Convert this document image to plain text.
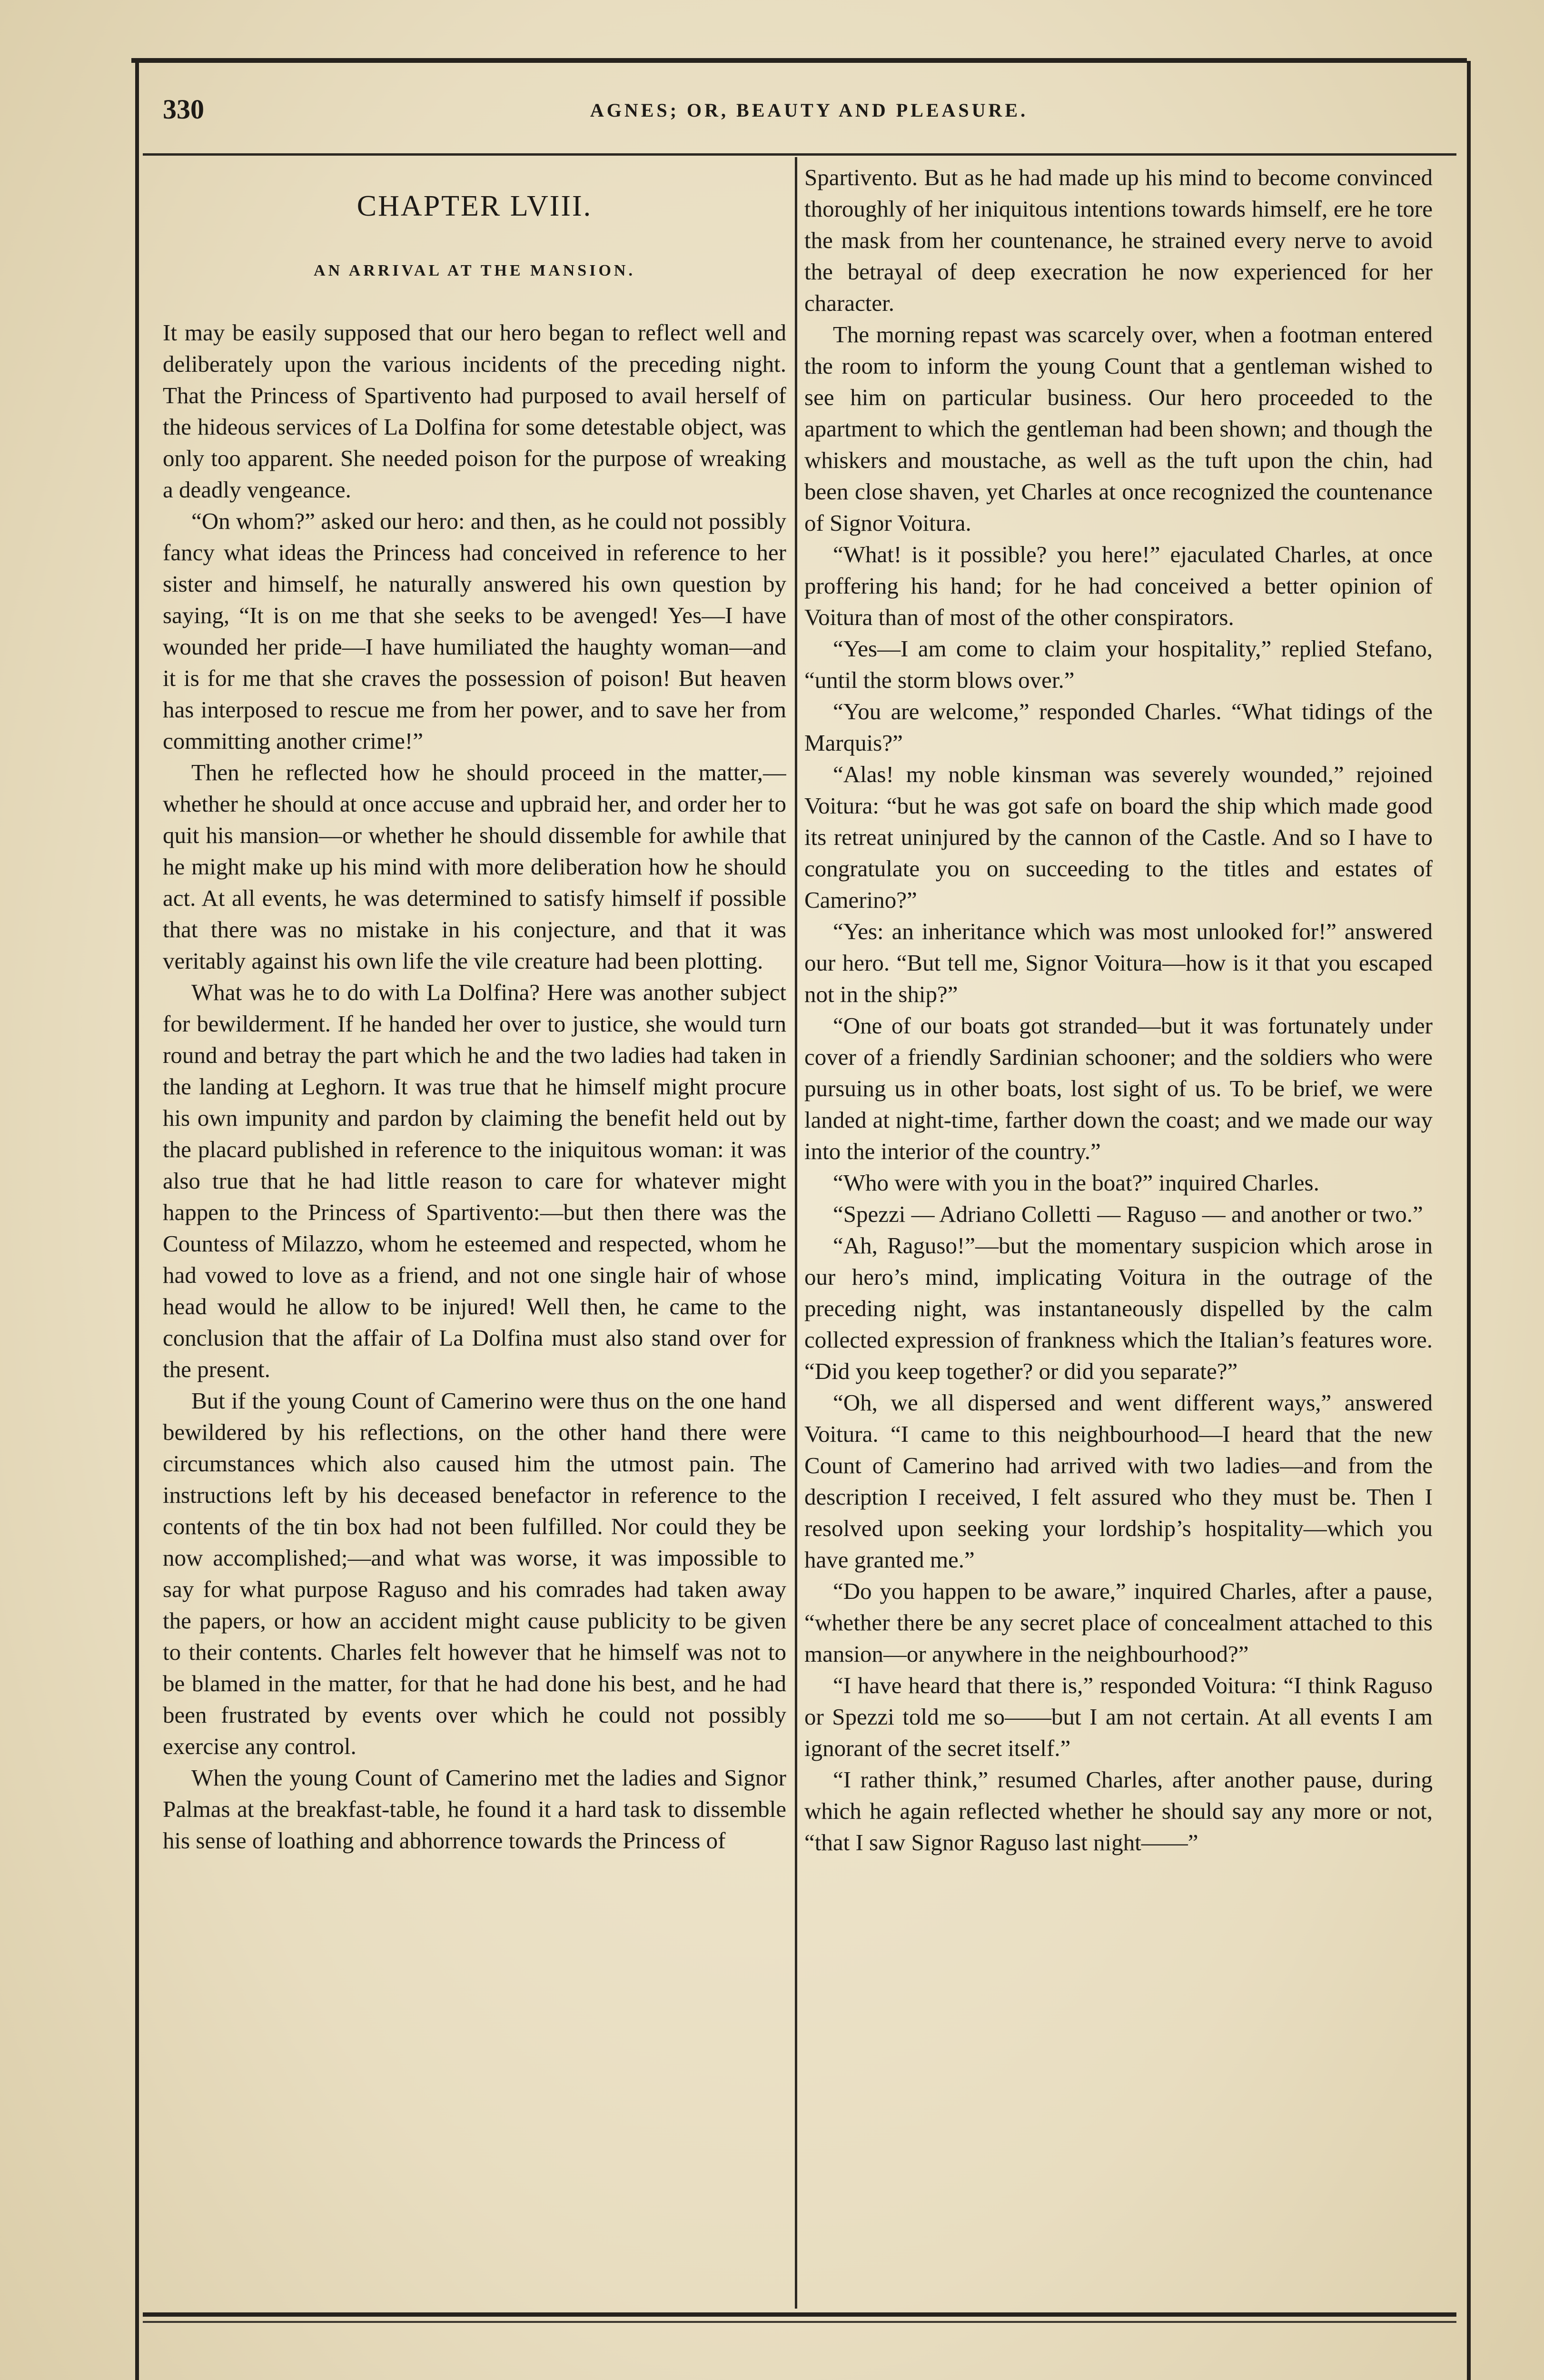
330	AGNES; OR, BEAUTY AND PLEASURE.
CHAPTER LVIII.
AN ARRIVAL AT THE MANSION.

It may be easily supposed that our hero began to reflect well and deliberately upon the various incidents of the preceding night. That the Princess of Spartivento had purposed to avail herself of the hideous services of La Dolfina for some detestable object, was only too apparent. She needed poison for the purpose of wreaking a deadly vengeance.

“On whom?” asked our hero: and then, as he could not possibly fancy what ideas the Princess had conceived in reference to her sister and himself, he naturally answered his own question by saying, “It is on me that she seeks to be avenged! Yes—I have wounded her pride—I have humiliated the haughty woman—and it is for me that she craves the possession of poison! But heaven has interposed to rescue me from her power, and to save her from committing another crime!”

Then he reflected how he should proceed in the matter,—whether he should at once accuse and upbraid her, and order her to quit his mansion—or whether he should dissemble for awhile that he might make up his mind with more deliberation how he should act. At all events, he was determined to satisfy himself if possible that there was no mistake in his conjecture, and that it was veritably against his own life the vile creature had been plotting.

What was he to do with La Dolfina? Here was another subject for bewilderment. If he handed her over to justice, she would turn round and betray the part which he and the two ladies had taken in the landing at Leghorn. It was true that he himself might procure his own impunity and pardon by claiming the benefit held out by the placard published in reference to the iniquitous woman: it was also true that he had little reason to care for whatever might happen to the Princess of Spartivento:—but then there was the Countess of Milazzo, whom he esteemed and respected, whom he had vowed to love as a friend, and not one single hair of whose head would he allow to be injured! Well then, he came to the conclusion that the affair of La Dolfina must also stand over for the present.

But if the young Count of Camerino were thus on the one hand bewildered by his reflections, on the other hand there were circumstances which also caused him the utmost pain. The instructions left by his deceased benefactor in reference to the contents of the tin box had not been fulfilled. Nor could they be now accomplished;—and what was worse, it was impossible to say for what purpose Raguso and his comrades had taken away the papers, or how an accident might cause publicity to be given to their contents. Charles felt however that he himself was not to be blamed in the matter, for that he had done his best, and he had been frustrated by events over which he could not possibly exercise any control.

When the young Count of Camerino met the ladies and Signor Palmas at the breakfast-table, he found it a hard task to dissemble his sense of loathing and abhorrence towards the Princess of

Spartivento. But as he had made up his mind to become convinced thoroughly of her iniquitous intentions towards himself, ere he tore the mask from her countenance, he strained every nerve to avoid the betrayal of deep execration he now experienced for her character.

The morning repast was scarcely over, when a footman entered the room to inform the young Count that a gentleman wished to see him on particular business. Our hero proceeded to the apartment to which the gentleman had been shown; and though the whiskers and moustache, as well as the tuft upon the chin, had been close shaven, yet Charles at once recognized the countenance of Signor Voitura.

“What! is it possible? you here!” ejaculated Charles, at once proffering his hand; for he had conceived a better opinion of Voitura than of most of the other conspirators.

“Yes—I am come to claim your hospitality,” replied Stefano, “until the storm blows over.”

“You are welcome,” responded Charles. “What tidings of the Marquis?”

“Alas! my noble kinsman was severely wounded,” rejoined Voitura: “but he was got safe on board the ship which made good its retreat uninjured by the cannon of the Castle. And so I have to congratulate you on succeeding to the titles and estates of Camerino?”

“Yes: an inheritance which was most unlooked for!” answered our hero. “But tell me, Signor Voitura—how is it that you escaped not in the ship?”

“One of our boats got stranded—but it was fortunately under cover of a friendly Sardinian schooner; and the soldiers who were pursuing us in other boats, lost sight of us. To be brief, we were landed at night-time, farther down the coast; and we made our way into the interior of the country.”

“Who were with you in the boat?” inquired Charles.

“Spezzi — Adriano Colletti — Raguso — and another or two.”

“Ah, Raguso!”—but the momentary suspicion which arose in our hero’s mind, implicating Voitura in the outrage of the preceding night, was instantaneously dispelled by the calm collected expression of frankness which the Italian’s features wore. “Did you keep together? or did you separate?”

“Oh, we all dispersed and went different ways,” answered Voitura. “I came to this neighbourhood—I heard that the new Count of Camerino had arrived with two ladies—and from the description I received, I felt assured who they must be. Then I resolved upon seeking your lordship’s hospitality—which you have granted me.”

“Do you happen to be aware,” inquired Charles, after a pause, “whether there be any secret place of concealment attached to this mansion—or anywhere in the neighbourhood?”

“I have heard that there is,” responded Voitura: “I think Raguso or Spezzi told me so——but I am not certain. At all events I am ignorant of the secret itself.”

“I rather think,” resumed Charles, after another pause, during which he again reflected whether he should say any more or not, “that I saw Signor Raguso last night——”
